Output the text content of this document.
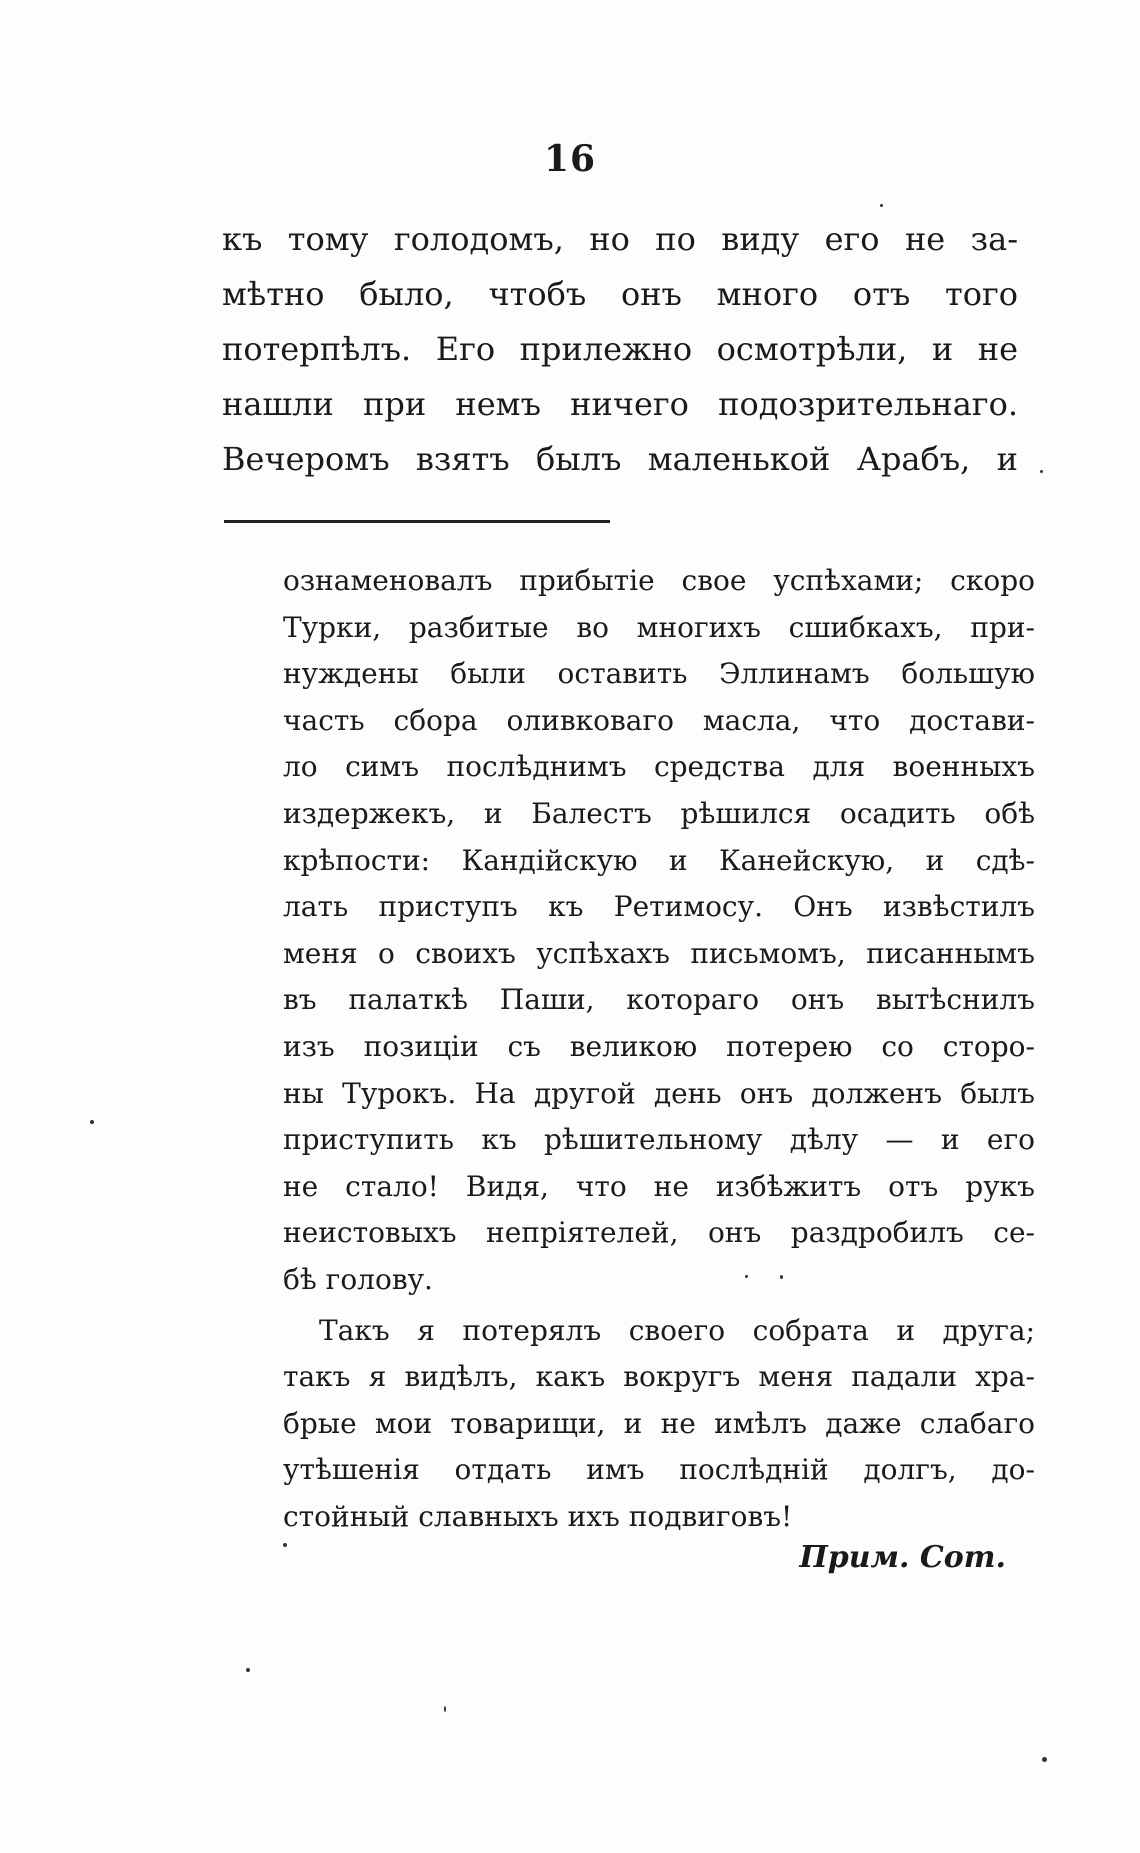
16
къ тому голодомъ, но по виду его не за-
мѣтно было, чтобъ онъ много отъ того
потерпѣлъ. Его прилежно осмотрѣли, и не
нашли при немъ ничего подозрительнаго.
Вечеромъ взятъ былъ маленькой Арабъ, и
ознаменовалъ прибытіе свое успѣхами; скоро
Турки, разбитые во многихъ сшибкахъ, при-
нуждены были оставить Эллинамъ большую
часть сбора оливковаго масла, что достави-
ло симъ послѣднимъ средства для военныхъ
издержекъ, и Балестъ рѣшился осадить обѣ
крѣпости: Кандійскую и Канейскую, и сдѣ-
лать приступъ къ Ретимосу. Онъ извѣстилъ
меня о своихъ успѣхахъ письмомъ, писаннымъ
въ палаткѣ Паши, котораго онъ вытѣснилъ
изъ позиціи съ великою потерею со сторо-
ны Турокъ. На другой день онъ долженъ былъ
приступить къ рѣшительному дѣлу — и его
не стало! Видя, что не избѣжитъ отъ рукъ
неистовыхъ непріятелей, онъ раздробилъ се-
бѣ голову.
Такъ я потерялъ своего собрата и друга;
такъ я видѣлъ, какъ вокругъ меня падали хра-
брые мои товарищи, и не имѣлъ даже слабаго
утѣшенія отдать имъ послѣдній долгъ, до-
стойный славныхъ ихъ подвиговъ!
Прим. Сот.
